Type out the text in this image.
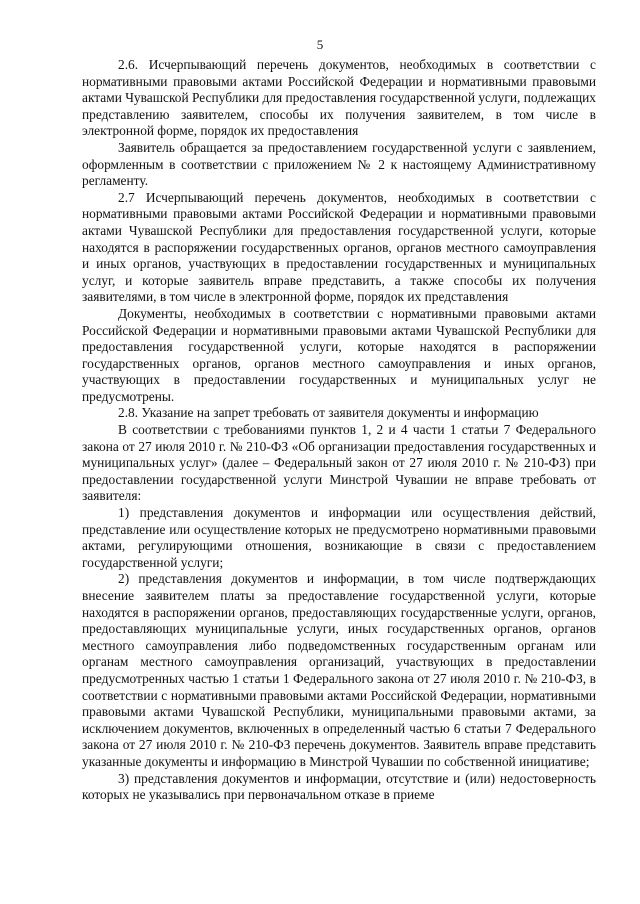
5

2.6. Исчерпывающий перечень документов, необходимых в соответствии с нормативными правовыми актами Российской Федерации и нормативными правовыми актами Чувашской Республики для предоставления государственной услуги, подлежащих представлению заявителем, способы их получения заявителем, в том числе в электронной форме, порядок их предоставления

Заявитель обращается за предоставлением государственной услуги с заявлением, оформленным в соответствии с приложением № 2 к настоящему Административному регламенту.

2.7 Исчерпывающий перечень документов, необходимых в соответствии с нормативными правовыми актами Российской Федерации и нормативными правовыми актами Чувашской Республики для предоставления государственной услуги, которые находятся в распоряжении государственных органов, органов местного самоуправления и иных органов, участвующих в предоставлении государственных и муниципальных услуг, и которые заявитель вправе представить, а также способы их получения заявителями, в том числе в электронной форме, порядок их представления

Документы, необходимых в соответствии с нормативными правовыми актами Российской Федерации и нормативными правовыми актами Чувашской Республики для предоставления государственной услуги, которые находятся в распоряжении государственных органов, органов местного самоуправления и иных органов, участвующих в предоставлении государственных и муниципальных услуг не предусмотрены.

2.8. Указание на запрет требовать от заявителя документы и информацию

В соответствии с требованиями пунктов 1, 2 и 4 части 1 статьи 7 Федерального закона от 27 июля 2010 г. № 210-ФЗ «Об организации предоставления государственных и муниципальных услуг» (далее – Федеральный закон от 27 июля 2010 г. № 210-ФЗ) при предоставлении государственной услуги Минстрой Чувашии не вправе требовать от заявителя:

1) представления документов и информации или осуществления действий, представление или осуществление которых не предусмотрено нормативными правовыми актами, регулирующими отношения, возникающие в связи с предоставлением государственной услуги;

2) представления документов и информации, в том числе подтверждающих внесение заявителем платы за предоставление государственной услуги, которые находятся в распоряжении органов, предоставляющих государственные услуги, органов, предоставляющих муниципальные услуги, иных государственных органов, органов местного самоуправления либо подведомственных государственным органам или органам местного самоуправления организаций, участвующих в предоставлении предусмотренных частью 1 статьи 1 Федерального закона от 27 июля 2010 г. № 210-ФЗ, в соответствии с нормативными правовыми актами Российской Федерации, нормативными правовыми актами Чувашской Республики, муниципальными правовыми актами, за исключением документов, включенных в определенный частью 6 статьи 7 Федерального закона от 27 июля 2010 г. № 210-ФЗ перечень документов. Заявитель вправе представить указанные документы и информацию в Минстрой Чувашии по собственной инициативе;

3) представления документов и информации, отсутствие и (или) недостоверность которых не указывались при первоначальном отказе в приеме
